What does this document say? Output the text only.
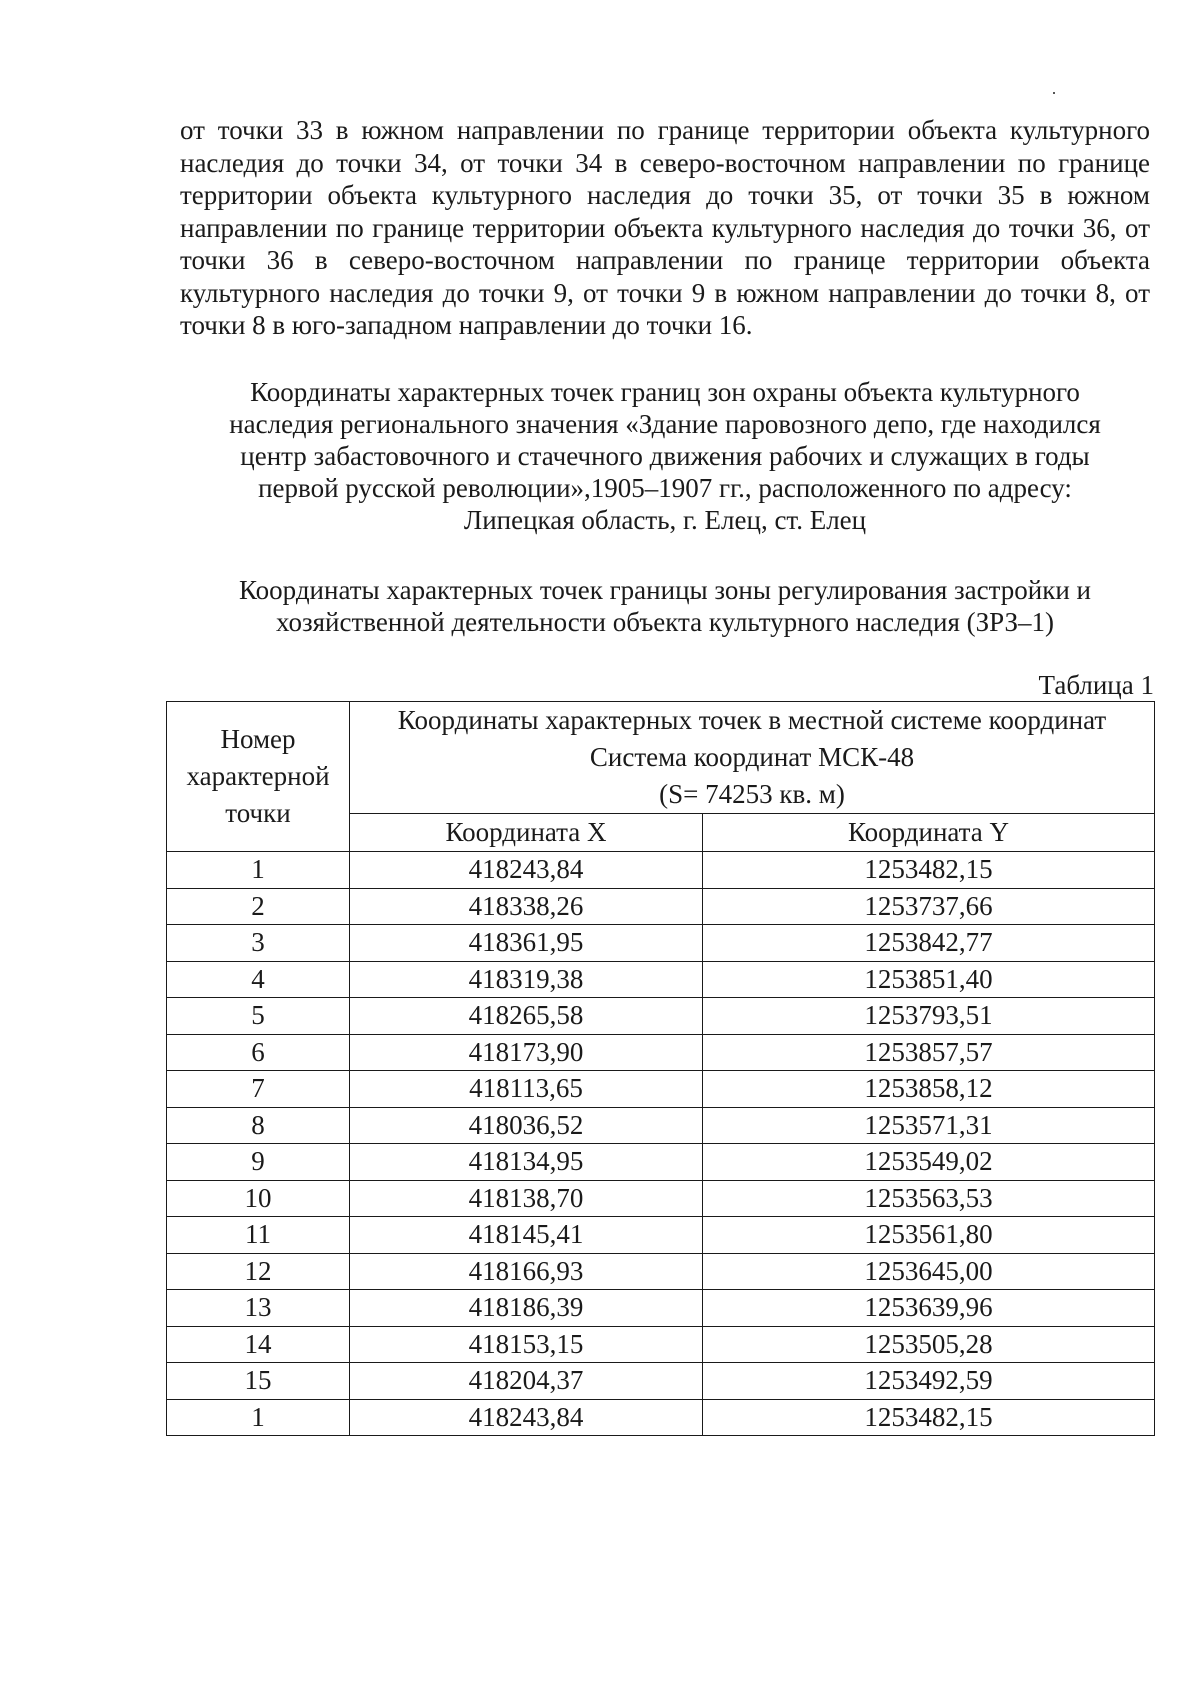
от точки 33 в южном направлении по границе территории объекта культурного наследия до точки 34, от точки 34 в северо-восточном направлении по границе территории объекта культурного наследия до точки 35, от точки 35 в южном направлении по границе территории объекта культурного наследия до точки 36, от точки 36 в северо-восточном направлении по границе территории объекта культурного наследия до точки 9, от точки 9 в южном направлении до точки 8, от точки 8 в юго-западном направлении до точки 16.
Координаты характерных точек границ зон охраны объекта культурного
наследия регионального значения «Здание паровозного депо, где находился
центр забастовочного и стачечного движения рабочих и служащих в годы
первой русской революции»,1905–1907 гг., расположенного по адресу:
Липецкая область, г. Елец, ст. Елец
Координаты характерных точек границы зоны регулирования застройки и
хозяйственной деятельности объекта культурного наследия (ЗРЗ–1)
Таблица 1
Номер
характерной
точки	Координаты характерных точек в местной системе координат
Система координат МСК-48
(S= 74253 кв. м)	

	Координата X	Координата Y
1	418243,84	1253482,15
2	418338,26	1253737,66
3	418361,95	1253842,77
4	418319,38	1253851,40
5	418265,58	1253793,51
6	418173,90	1253857,57
7	418113,65	1253858,12
8	418036,52	1253571,31
9	418134,95	1253549,02
10	418138,70	1253563,53
11	418145,41	1253561,80
12	418166,93	1253645,00
13	418186,39	1253639,96
14	418153,15	1253505,28
15	418204,37	1253492,59
1	418243,84	1253482,15
